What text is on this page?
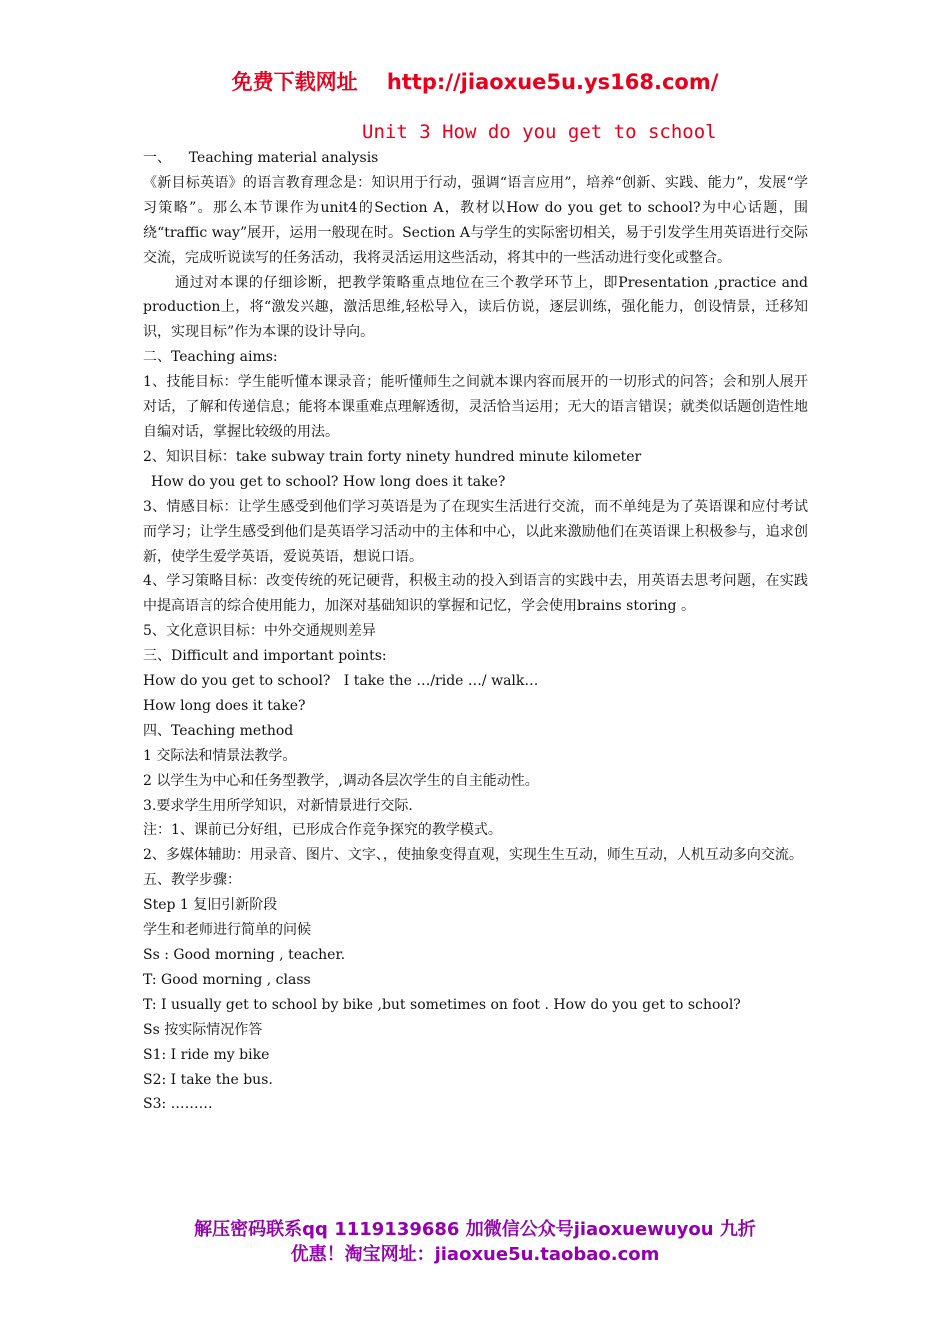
免费下载网址 http://jiaoxue5u.ys168.com/
Unit 3 How do you get to school

一、    Teaching material analysis

《新目标英语》的语言教育理念是：知识用于行动，强调“语言应用”，培养“创新、实践、能力”，发展“学习策略”。那么本节课作为unit4的Section A，教材以How do you get to school?为中心话题，围绕“traffic way”展开，运用一般现在时。Section A与学生的实际密切相关，易于引发学生用英语进行交际交流，完成听说读写的任务活动，我将灵活运用这些活动，将其中的一些活动进行变化或整合。

通过对本课的仔细诊断，把教学策略重点地位在三个教学环节上，即Presentation ,practice and production上，将“激发兴趣，激活思维,轻松导入，读后仿说，逐层训练，强化能力，创设情景，迁移知识，实现目标”作为本课的设计导向。

二、Teaching aims:

1、技能目标：学生能听懂本课录音；能听懂师生之间就本课内容而展开的一切形式的问答；会和别人展开对话，了解和传递信息；能将本课重难点理解透彻，灵活恰当运用；无大的语言错误；就类似话题创造性地自编对话，掌握比较级的用法。

2、知识目标：take subway train forty ninety hundred minute kilometer

How do you get to school? How long does it take?

3、情感目标：让学生感受到他们学习英语是为了在现实生活进行交流，而不单纯是为了英语课和应付考试而学习；让学生感受到他们是英语学习活动中的主体和中心，以此来激励他们在英语课上积极参与，追求创新，使学生爱学英语，爱说英语，想说口语。

4、学习策略目标：改变传统的死记硬背，积极主动的投入到语言的实践中去，用英语去思考问题，在实践中提高语言的综合使用能力，加深对基础知识的掌握和记忆，学会使用brains storing 。

5、文化意识目标：中外交通规则差异

三、Difficult and important points:

How do you get to school?   I take the …/ride …/ walk…

How long does it take?

四、Teaching method

1 交际法和情景法教学。

2 以学生为中心和任务型教学，,调动各层次学生的自主能动性。

3.要求学生用所学知识，对新情景进行交际.

注：1、课前已分好组，已形成合作竞争探究的教学模式。

2、多媒体辅助：用录音、图片、文字、，使抽象变得直观，实现生生互动，师生互动，人机互动多向交流。

五、教学步骤：

Step 1 复旧引新阶段

学生和老师进行简单的问候

Ss : Good morning , teacher.

T: Good morning , class

T: I usually get to school by bike ,but sometimes on foot . How do you get to school?

Ss 按实际情况作答

S1: I ride my bike

S2: I take the bus.

S3: ………

解压密码联系qq 1119139686 加微信公众号jiaoxuewuyou 九折
优惠！淘宝网址：jiaoxue5u.taobao.com
